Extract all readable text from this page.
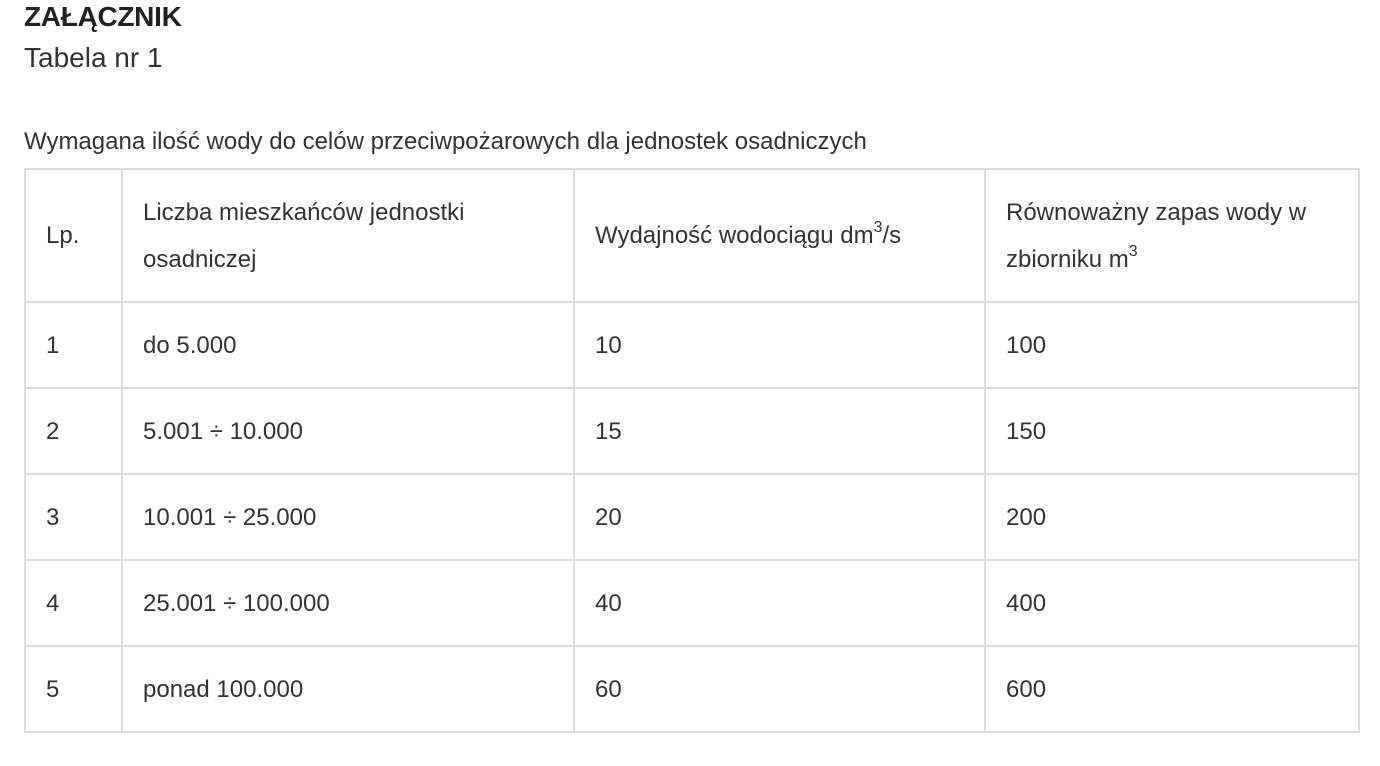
ZAŁĄCZNIK
Tabela nr 1
Wymagana ilość wody do celów przeciwpożarowych dla jednostek osadniczych
Lp.	Liczba mieszkańców jednostki osadniczej	Wydajność wodociągu $dm^3/s$	Równoważny zapas wody w zbiorniku $m^3$
1	do 5.000	10	100
2	5.001 ÷ 10.000	15	150
3	10.001 ÷ 25.000	20	200
4	25.001 ÷ 100.000	40	400
5	ponad 100.000	60	600
